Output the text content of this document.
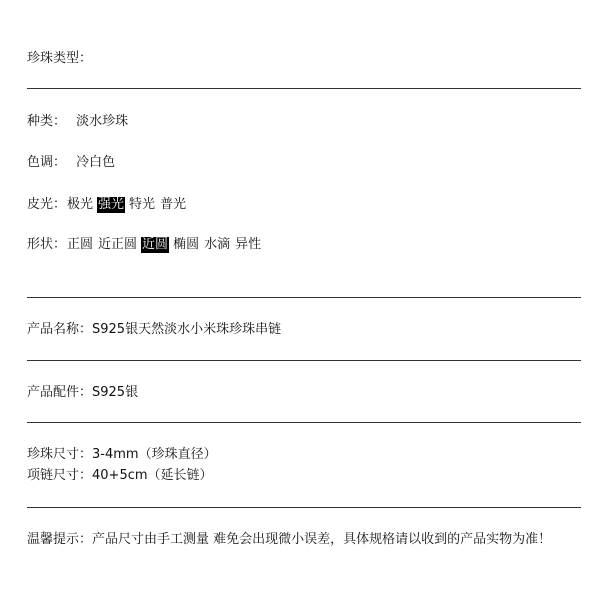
珍珠类型：
种类： 淡水珍珠
色调： 冷白色
皮光：极光 强光 特光 普光
形状：正圆 近正圆 近圆 椭圆 水滴 异性
产品名称：S925银天然淡水小米珠珍珠串链
产品配件：S925银
珍珠尺寸：3-4mm（珍珠直径）
项链尺寸：40+5cm（延长链）
温馨提示：产品尺寸由手工测量 难免会出现微小误差，具体规格请以收到的产品实物为准！
